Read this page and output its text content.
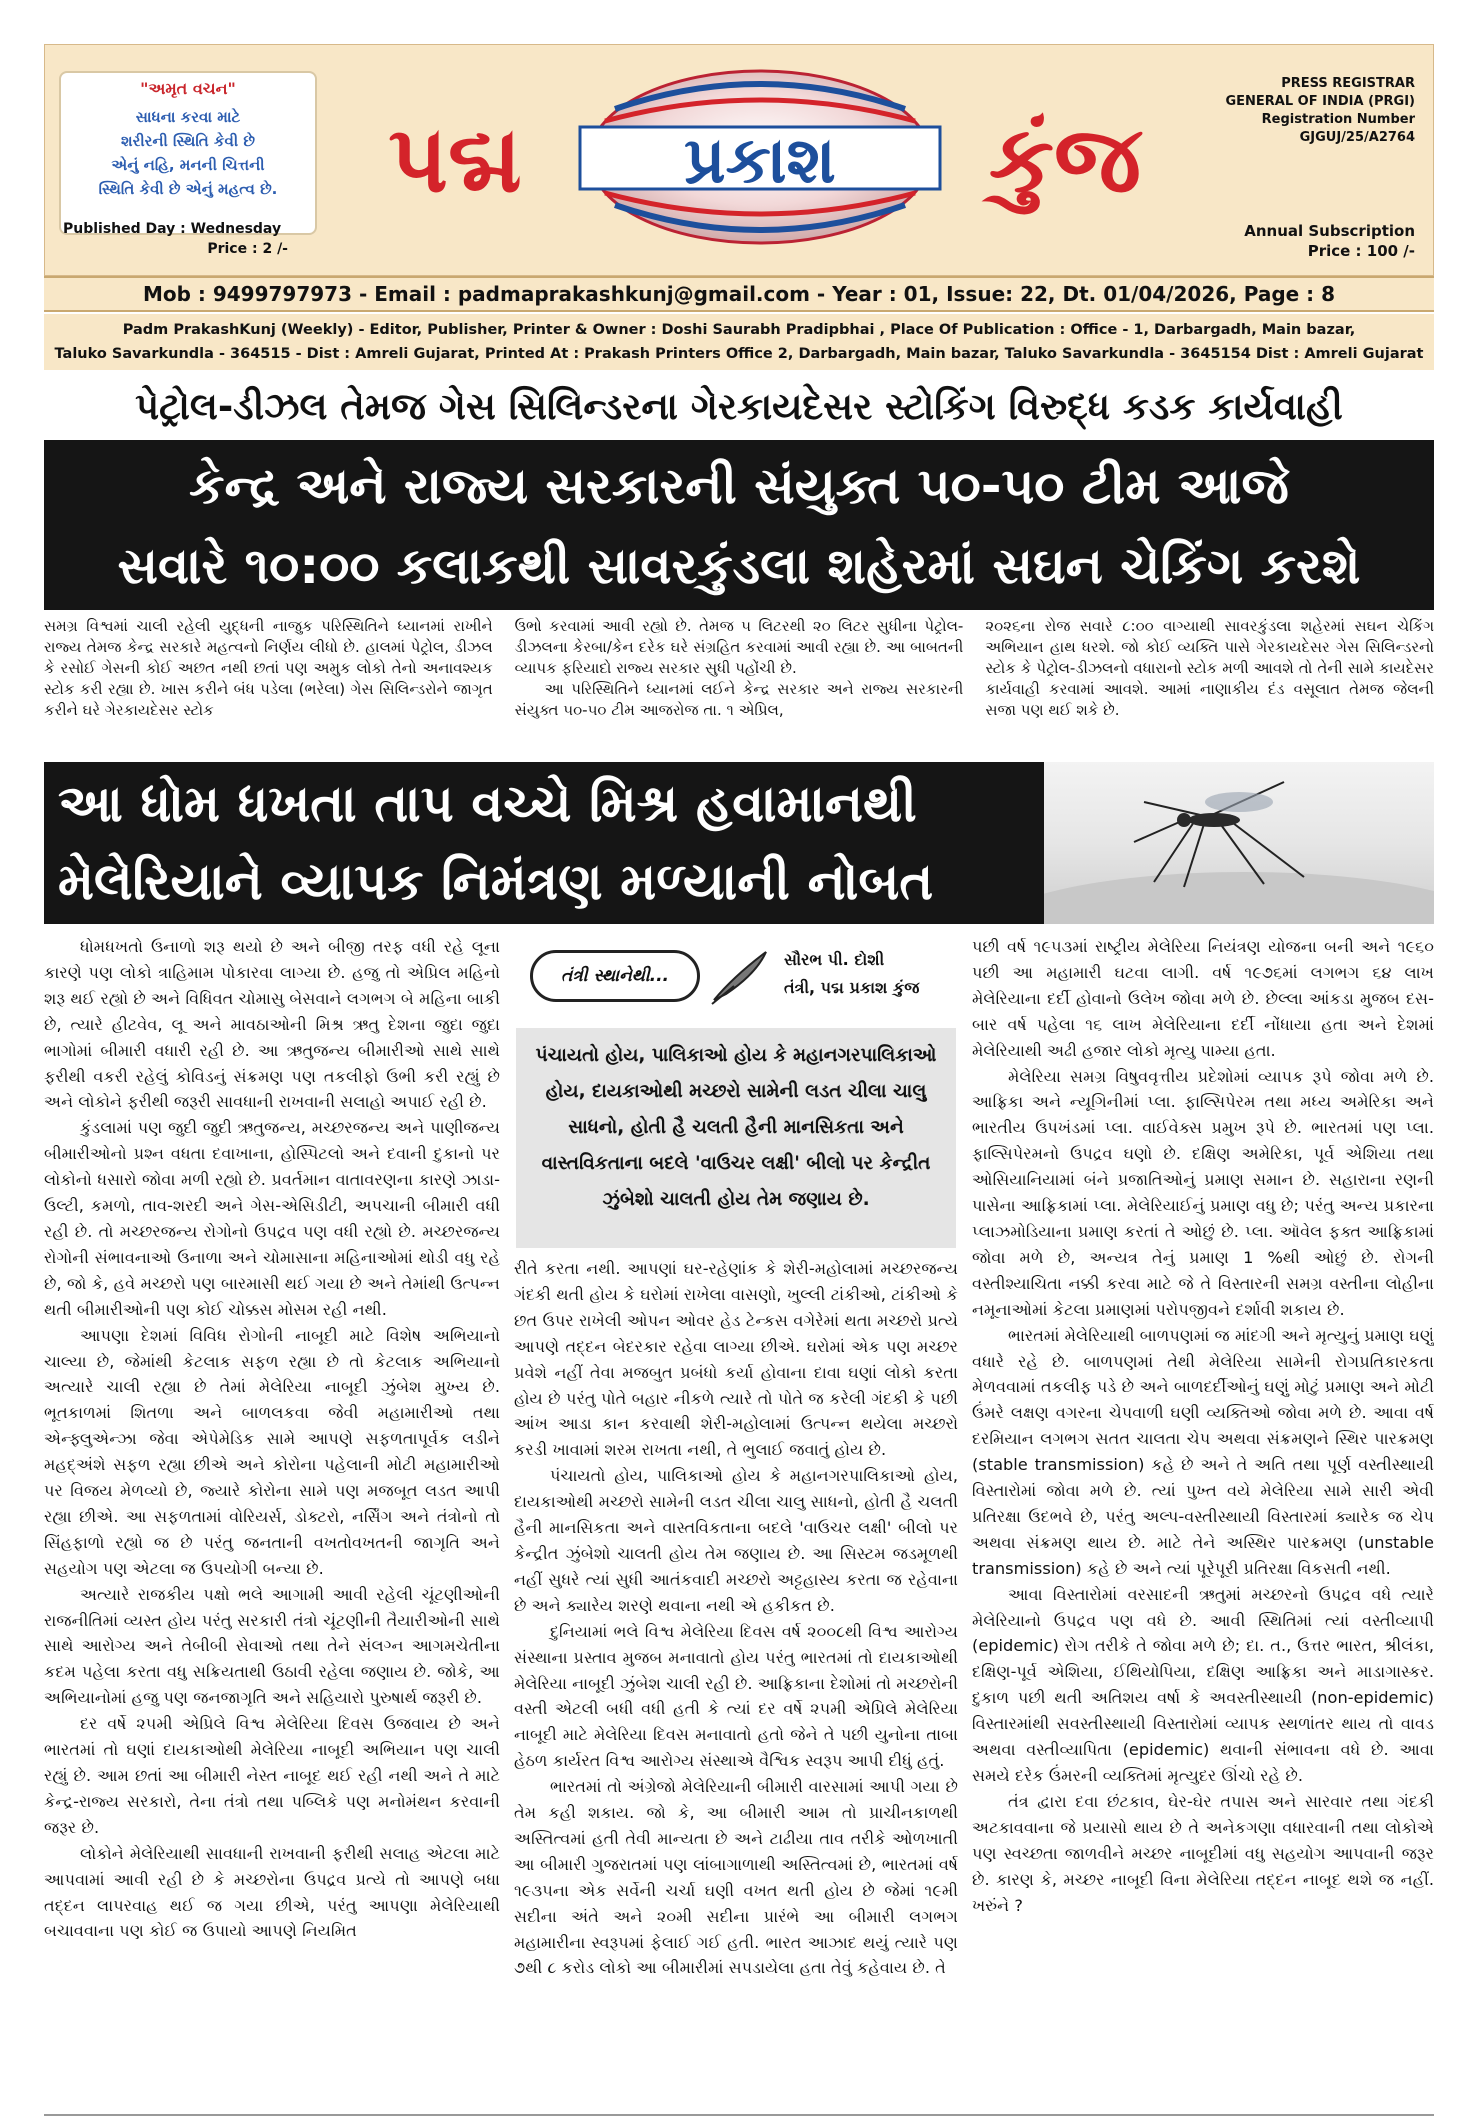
"અમૃત વચન"
સાધના કરવા માટે
શરીરની સ્થિતિ કેવી છે
એનું નહિ, મનની ચિત્તની
સ્થિતિ કેવી છે એનું મહત્વ છે.
Published Day : Wednesday
Price : 2 /-
પદ્મ	પ્રકાશ કુંજ
PRESS REGISTRAR
GENERAL OF INDIA (PRGI)
Registration Number
GJGUJ/25/A2764
Annual Subscription
Price : 100 /-
Mob : 9499797973 - Email : padmaprakashkunj@gmail.com - Year : 01, Issue: 22, Dt. 01/04/2026, Page : 8
Padm PrakashKunj (Weekly) - Editor, Publisher, Printer & Owner : Doshi Saurabh Pradipbhai , Place Of Publication : Office - 1, Darbargadh, Main bazar,
Taluko Savarkundla - 364515 - Dist : Amreli Gujarat, Printed At : Prakash Printers Office 2, Darbargadh, Main bazar, Taluko Savarkundla - 3645154 Dist : Amreli Gujarat
પેટ્રોલ-ડીઝલ તેમજ ગેસ સિલિન્ડરના ગેરકાયદેસર સ્ટોકિંગ વિરુદ્ધ કડક કાર્યવાહી
કેન્દ્ર અને રાજ્ય સરકારની સંયુક્ત ૫૦-૫૦ ટીમ આજે
સવારે ૧૦:૦૦ કલાકથી સાવરકુંડલા શહેરમાં સઘન ચેકિંગ કરશે
સમગ્ર વિશ્વમાં ચાલી રહેલી યુદ્ધની નાજુક પરિસ્થિતિને ધ્યાનમાં રાખીને રાજ્ય તેમજ કેન્દ્ર સરકારે મહત્વનો નિર્ણય લીધો છે. હાલમાં પેટ્રોલ, ડીઝલ કે રસોઈ ગેસની કોઈ અછત નથી છતાં પણ અમુક લોકો તેનો અનાવશ્યક સ્ટોક કરી રહ્યા છે. ખાસ કરીને બંધ પડેલા (ભરેલા) ગેસ સિલિન્ડરોને જાગૃત કરીને ઘરે ગેરકાયદેસર સ્ટોક

ઉભો કરવામાં આવી રહ્યો છે. તેમજ ૫ લિટરથી ૨૦ લિટર સુધીના પેટ્રોલ-ડીઝલના કેરબા/કેન દરેક ઘરે સંગ્રહિત કરવામાં આવી રહ્યા છે. આ બાબતની વ્યાપક ફરિયાદો રાજ્ય સરકાર સુધી પહોંચી છે.

આ પરિસ્થિતિને ધ્યાનમાં લઈને કેન્દ્ર સરકાર અને રાજ્ય સરકારની સંયુક્ત ૫૦-૫૦ ટીમ આજરોજ તા. ૧ એપ્રિલ,

૨૦૨૬ના રોજ સવારે ૮:૦૦ વાગ્યાથી સાવરકુંડલા શહેરમાં સઘન ચેકિંગ અભિયાન હાથ ધરશે. જો કોઈ વ્યક્તિ પાસે ગેરકાયદેસર ગેસ સિલિન્ડરનો સ્ટોક કે પેટ્રોલ-ડીઝલનો વધારાનો સ્ટોક મળી આવશે તો તેની સામે કાયદેસર કાર્યવાહી કરવામાં આવશે. આમાં નાણાકીય દંડ વસૂલાત તેમજ જેલની સજા પણ થઈ શકે છે.
આ ધોમ ધખતા તાપ વચ્ચે મિશ્ર હવામાનથી
મેલેરિયાને વ્યાપક નિમંત્રણ મળ્યાની નોબત

ધોમધખતો ઉનાળો શરૂ થયો છે અને બીજી તરફ વધી રહે લૂના કારણે પણ લોકો ત્રાહિમામ પોકારવા લાગ્યા છે. હજુ તો એપ્રિલ મહિનો શરૂ થઈ રહ્યો છે અને વિધિવત ચોમાસુ બેસવાને લગભગ બે મહિના બાકી છે, ત્યારે હીટવેવ, લૂ અને માવઠાઓની મિશ્ર ઋતુ દેશના જુદા જુદા ભાગોમાં બીમારી વધારી રહી છે. આ ઋતુજન્ય બીમારીઓ સાથે સાથે ફરીથી વકરી રહેલું કોવિડનું સંક્રમણ પણ તકલીફો ઉભી કરી રહ્યું છે અને લોકોને ફરીથી જરૂરી સાવધાની રાખવાની સલાહો અપાઈ રહી છે.

કુંડલામાં પણ જુદી જુદી ઋતુજન્ય, મચ્છરજન્ય અને પાણીજન્ય બીમારીઓનો પ્રશ્ન વધતા દવાખાના, હોસ્પિટલો અને દવાની દુકાનો પર લોકોનો ધસારો જોવા મળી રહ્યો છે. પ્રવર્તમાન વાતાવરણના કારણે ઝાડા-ઉલ્ટી, કમળો, તાવ-શરદી અને ગેસ-એસિડીટી, અપચાની બીમારી વધી રહી છે. તો મચ્છરજન્ય રોગોનો ઉપદ્રવ પણ વધી રહ્યો છે. મચ્છરજન્ય રોગોની સંભાવનાઓ ઉનાળા અને ચોમાસાના મહિનાઓમાં થોડી વધુ રહે છે, જો કે, હવે મચ્છરો પણ બારમાસી થઈ ગયા છે અને તેમાંથી ઉત્પન્ન થતી બીમારીઓની પણ કોઈ ચોક્કસ મોસમ રહી નથી.

આપણા દેશમાં વિવિધ રોગોની નાબૂદી માટે વિશેષ અભિયાનો ચાલ્યા છે, જેમાંથી કેટલાક સફળ રહ્યા છે તો કેટલાક અભિયાનો અત્યારે ચાલી રહ્યા છે તેમાં મેલેરિયા નાબૂદી ઝુંબેશ મુખ્ય છે. ભૂતકાળમાં શિતળા અને બાળલકવા જેવી મહામારીઓ તથા એન્ફ્લુએન્ઝા જેવા એપેમેડિક સામે આપણે સફળતાપૂર્વક લડીને મહદ્અંશે સફળ રહ્યા છીએ અને કોરોના પહેલાની મોટી મહામારીઓ પર વિજય મેળવ્યો છે, જ્યારે કોરોના સામે પણ મજબૂત લડત આપી રહ્યા છીએ. આ સફળતામાં વોરિયર્સ, ડોક્ટરો, નર્સિંગ અને તંત્રોનો તો સિંહફાળો રહ્યો જ છે પરંતુ જનતાની વખતોવખતની જાગૃતિ અને સહયોગ પણ એટલા જ ઉપયોગી બન્યા છે.

અત્યારે રાજકીય પક્ષો ભલે આગામી આવી રહેલી ચૂંટણીઓની રાજનીતિમાં વ્યસ્ત હોય પરંતુ સરકારી તંત્રો ચૂંટણીની તૈયારીઓની સાથે સાથે આરોગ્ય અને તેબીબી સેવાઓ તથા તેને સંલગ્ન આગમચેતીના કદમ પહેલા કરતા વધુ સક્રિયતાથી ઉઠાવી રહેલા જણાય છે. જોકે, આ અભિયાનોમાં હજુ પણ જનજાગૃતિ અને સહિયારો પુરુષાર્થ જરૂરી છે.

દર વર્ષે ૨૫મી એપ્રિલે વિશ્વ મેલેરિયા દિવસ ઉજવાય છે અને ભારતમાં તો ઘણાં દાયકાઓથી મેલેરિયા નાબૂદી અભિયાન પણ ચાલી રહ્યું છે. આમ છતાં આ બીમારી નેસ્ત નાબૂદ થઈ રહી નથી અને તે માટે કેન્દ્ર-રાજ્ય સરકારો, તેના તંત્રો તથા પબ્લિકે પણ મનોમંથન કરવાની જરૂર છે.

લોકોને મેલેરિયાથી સાવધાની રાખવાની ફરીથી સલાહ એટલા માટે આપવામાં આવી રહી છે કે મચ્છરોના ઉપદ્રવ પ્રત્યે તો આપણે બધા તદ્દન લાપરવાહ થઈ જ ગયા છીએ, પરંતુ આપણા મેલેરિયાથી બચાવવાના પણ કોઈ જ ઉપાયો આપણે નિયમિત

તંત્રી સ્થાનેથી...
સૌરભ પી. દોશી
તંત્રી, પદ્મ પ્રકાશ કુંજ
પંચાયતો હોય, પાલિકાઓ હોય કે મહાનગરપાલિકાઓ હોય, દાયકાઓથી મચ્છરો સામેની લડત ચીલા ચાલુ સાધનો, હોતી હૈ ચલતી હૈની માનસિકતા અને વાસ્તવિકતાના બદલે 'વાઉચર લક્ષી' બીલો પર કેન્દ્રીત ઝુંબેશો ચાલતી હોય તેમ જણાય છે.

રીતે કરતા નથી. આપણાં ઘર-રહેણાંક કે શેરી-મહોલામાં મચ્છરજન્ય ગંદકી થતી હોય કે ઘરોમાં રાખેલા વાસણો, ખુલ્લી ટાંકીઓ, ટાંકીઓ કે છત ઉપર રાખેલી ઓપન ઓવર હેડ ટેન્કસ વગેરેમાં થતા મચ્છરો પ્રત્યે આપણે તદ્દન બેદરકાર રહેવા લાગ્યા છીએ. ઘરોમાં એક પણ મચ્છર પ્રવેશે નહીં તેવા મજબુત પ્રબંધો કર્યા હોવાના દાવા ઘણાં લોકો કરતા હોય છે પરંતુ પોતે બહાર નીકળે ત્યારે તો પોતે જ કરેલી ગંદકી કે પછી આંખ આડા કાન કરવાથી શેરી-મહોલામાં ઉત્પન્ન થયેલા મચ્છરો કરડી ખાવામાં શરમ રાખતા નથી, તે ભુલાઈ જવાતું હોય છે.

પંચાયતો હોય, પાલિકાઓ હોય કે મહાનગરપાલિકાઓ હોય, દાયકાઓથી મચ્છરો સામેની લડત ચીલા ચાલુ સાધનો, હોતી હૈ ચલતી હૈની માનસિકતા અને વાસ્તવિકતાના બદલે 'વાઉચર લક્ષી' બીલો પર કેન્દ્રીત ઝુંબેશો ચાલતી હોય તેમ જણાય છે. આ સિસ્ટમ જડમૂળથી નહીં સુધરે ત્યાં સુધી આતંકવાદી મચ્છરો અટ્ટહાસ્ય કરતા જ રહેવાના છે અને ક્યારેય શરણે થવાના નથી એ હકીકત છે.

દુનિયામાં ભલે વિશ્વ મેલેરિયા દિવસ વર્ષ ૨૦૦૮થી વિશ્વ આરોગ્ય સંસ્થાના પ્રસ્તાવ મુજબ મનાવાતો હોય પરંતુ ભારતમાં તો દાયકાઓથી મેલેરિયા નાબૂદી ઝુંબેશ ચાલી રહી છે. આફ્રિકાના દેશોમાં તો મચ્છરોની વસ્તી એટલી બધી વધી હતી કે ત્યાં દર વર્ષે ૨૫મી એપ્રિલે મેલેરિયા નાબૂદી માટે મેલેરિયા દિવસ મનાવાતો હતો જેને તે પછી યુનોના તાબા હેઠળ કાર્યરત વિશ્વ આરોગ્ય સંસ્થાએ વૈશ્વિક સ્વરૂપ આપી દીધું હતું.

ભારતમાં તો અંગ્રેજો મેલેરિયાની બીમારી વારસામાં આપી ગયા છે તેમ કહી શકાય. જો કે, આ બીમારી આમ તો પ્રાચીનકાળથી અસ્તિત્વમાં હતી તેવી માન્યતા છે અને ટાઢીયા તાવ તરીકે ઓળખાતી આ બીમારી ગુજરાતમાં પણ લાંબાગાળાથી અસ્તિત્વમાં છે, ભારતમાં વર્ષ ૧૯૩૫ના એક સર્વેની ચર્ચા ઘણી વખત થતી હોય છે જેમાં ૧૯મી સદીના અંતે અને ૨૦મી સદીના પ્રારંભે આ બીમારી લગભગ મહામારીના સ્વરૂપમાં ફેલાઈ ગઈ હતી. ભારત આઝાદ થયું ત્યારે પણ ૭થી ૮ કરોડ લોકો આ બીમારીમાં સપડાયેલા હતા તેવું કહેવાય છે. તે

પછી વર્ષ ૧૯૫૩માં રાષ્ટ્રીય મેલેરિયા નિયંત્રણ યોજના બની અને ૧૯૬૦ પછી આ મહામારી ઘટવા લાગી. વર્ષ ૧૯૭૬માં લગભગ ૬૪ લાખ મેલેરિયાના દર્દી હોવાનો ઉલેખ જોવા મળે છે. છેલ્લા આંકડા મુજબ દસ-બાર વર્ષ પહેલા ૧૬ લાખ મેલેરિયાના દર્દી નોંધાયા હતા અને દેશમાં મેલેરિયાથી અઢી હજાર લોકો મૃત્યુ પામ્યા હતા.

મેલેરિયા સમગ્ર વિષુવવૃત્તીય પ્રદેશોમાં વ્યાપક રૂપે જોવા મળે છે. આફ્રિકા અને ન્યૂગિનીમાં પ્લા. ફાલ્સિપેરમ તથા મધ્ય અમેરિકા અને ભારતીય ઉપખંડમાં પ્લા. વાઈવેક્સ પ્રમુખ રૂપે છે. ભારતમાં પણ પ્લા. ફાલ્સિપેરમનો ઉપદ્રવ ઘણો છે. દક્ષિણ અમેરિકા, પૂર્વ એશિયા તથા ઓસિયાનિયામાં બંને પ્રજાતિઓનું પ્રમાણ સમાન છે. સહારાના રણની પાસેના આફ્રિકામાં પ્લા. મેલેરિયાઈનું પ્રમાણ વધુ છે; પરંતુ અન્ય પ્રકારના પ્લાઝમોડિયાના પ્રમાણ કરતાં તે ઓછું છે. પ્લા. ઑવેલ ફક્ત આફ્રિકામાં જોવા મળે છે, અન્યત્ર તેનું પ્રમાણ 1 %થી ઓછું છે. રોગની વસ્તીશ્યાચિતા નક્કી કરવા માટે જે તે વિસ્તારની સમગ્ર વસ્તીના લોહીના નમૂનાઓમાં કેટલા પ્રમાણમાં પરોપજીવને દર્શાવી શકાય છે.

ભારતમાં મેલેરિયાથી બાળપણમાં જ માંદગી અને મૃત્યુનું પ્રમાણ ઘણું વધારે રહે છે. બાળપણમાં તેથી મેલેરિયા સામેની રોગપ્રતિકારકતા મેળવવામાં તકલીફ પડે છે અને બાળદર્દીઓનું ઘણું મોટું પ્રમાણ અને મોટી ઉંમરે લક્ષણ વગરના ચેપવાળી ઘણી વ્યક્તિઓ જોવા મળે છે. આવા વર્ષ દરમિયાન લગભગ સતત ચાલતા ચેપ અથવા સંક્રમણને સ્થિર પારક્રમણ (stable transmission) કહે છે અને તે અતિ તથા પૂર્ણ વસ્તીસ્થાયી વિસ્તારોમાં જોવા મળે છે. ત્યાં પુખ્ત વયે મેલેરિયા સામે સારી એવી પ્રતિરક્ષા ઉદભવે છે, પરંતુ અલ્પ-વસ્તીસ્થાયી વિસ્તારમાં ક્યારેક જ ચેપ અથવા સંક્રમણ થાય છે. માટે તેને અસ્થિર પારક્રમણ (unstable transmission) કહે છે અને ત્યાં પૂરેપૂરી પ્રતિરક્ષા વિકસતી નથી.

આવા વિસ્તારોમાં વરસાદની ઋતુમાં મચ્છરનો ઉપદ્રવ વધે ત્યારે મેલેરિયાનો ઉપદ્રવ પણ વધે છે. આવી સ્થિતિમાં ત્યાં વસ્તીવ્યાપી (epidemic) રોગ તરીકે તે જોવા મળે છે; દા. ત., ઉત્તર ભારત, શ્રીલંકા, દક્ષિણ-પૂર્વ એશિયા, ઈથિયોપિયા, દક્ષિણ આફ્રિકા અને માડાગાસ્કર. દુકાળ પછી થતી અતિશય વર્ષા કે અવસ્તીસ્થાયી (non-epidemic) વિસ્તારમાંથી સવસ્તીસ્થાયી વિસ્તારોમાં વ્યાપક સ્થળાંતર થાય તો વાવડ અથવા વસ્તીવ્યાપિતા (epidemic) થવાની સંભાવના વધે છે. આવા સમયે દરેક ઉંમરની વ્યક્તિમાં મૃત્યુદર ઊંચો રહે છે.

તંત્ર દ્વારા દવા છંટકાવ, ઘેર-ઘેર તપાસ અને સારવાર તથા ગંદકી અટકાવવાના જે પ્રયાસો થાય છે તે અનેકગણા વધારવાની તથા લોકોએ પણ સ્વચ્છતા જાળવીને મચ્છર નાબૂદીમાં વધુ સહયોગ આપવાની જરૂર છે. કારણ કે, મચ્છર નાબૂદી વિના મેલેરિયા તદ્દન નાબૂદ થશે જ નહીં. ખરુંને ?
